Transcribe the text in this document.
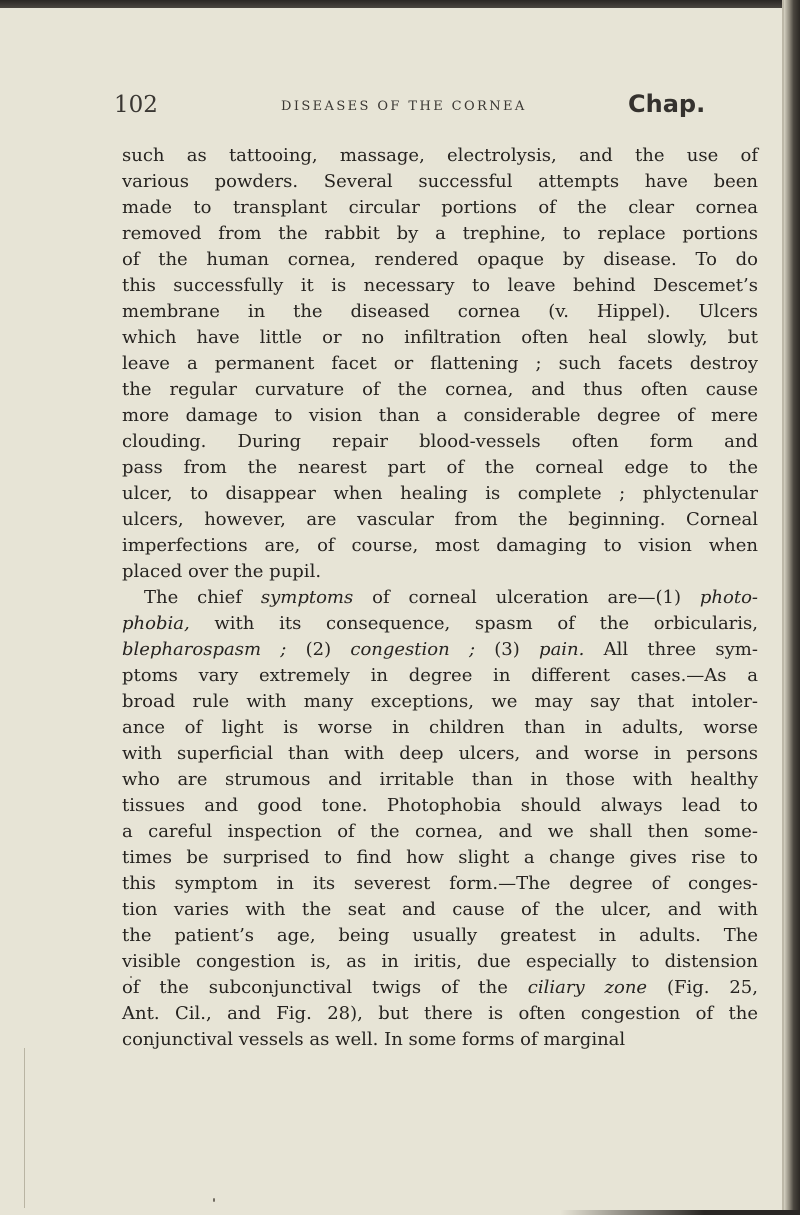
102	DISEASES OF THE CORNEA	Chap.
such as tattooing, massage, electrolysis, and the use of
various powders. Several successful attempts have been
made to transplant circular portions of the clear cornea
removed from the rabbit by a trephine, to replace portions
of the human cornea, rendered opaque by disease. To do
this successfully it is necessary to leave behind Descemet’s
membrane in the diseased cornea (v. Hippel). Ulcers
which have little or no infiltration often heal slowly, but
leave a permanent facet or flattening ; such facets destroy
the regular curvature of the cornea, and thus often cause
more damage to vision than a considerable degree of mere
clouding. During repair blood-vessels often form and
pass from the nearest part of the corneal edge to the
ulcer, to disappear when healing is complete ; phlyctenular
ulcers, however, are vascular from the beginning. Corneal
imperfections are, of course, most damaging to vision when
placed over the pupil.
The chief symptoms of corneal ulceration are—(1) photo-
phobia, with its consequence, spasm of the orbicularis,
blepharospasm ; (2) congestion ; (3) pain. All three sym-
ptoms vary extremely in degree in different cases.—As a
broad rule with many exceptions, we may say that intoler-
ance of light is worse in children than in adults, worse
with superficial than with deep ulcers, and worse in persons
who are strumous and irritable than in those with healthy
tissues and good tone. Photophobia should always lead to
a careful inspection of the cornea, and we shall then some-
times be surprised to find how slight a change gives rise to
this symptom in its severest form.—The degree of conges-
tion varies with the seat and cause of the ulcer, and with
the patient’s age, being usually greatest in adults. The
visible congestion is, as in iritis, due especially to distension
of the subconjunctival twigs of the ciliary zone (Fig. 25,
Ant. Cil., and Fig. 28), but there is often congestion of the
conjunctival vessels as well. In some forms of marginal
